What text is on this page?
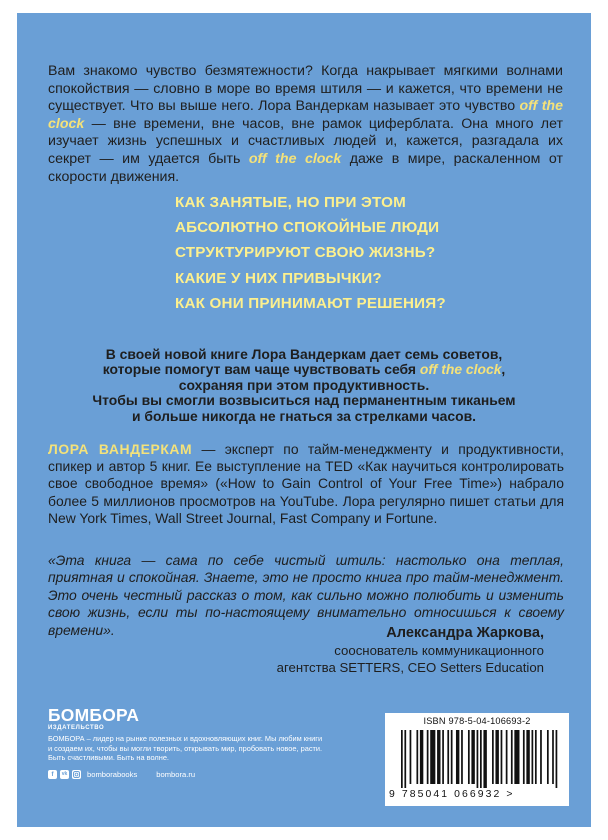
Вам знакомо чувство безмятежности? Когда накрывает мягкими волнами спокойствия — словно в море во время штиля — и кажется, что времени не существует. Что вы выше него. Лора Вандеркам называет это чувство off the clock — вне времени, вне часов, вне рамок циферблата. Она много лет изучает жизнь успешных и счастливых людей и, кажется, разгадала их секрет — им удается быть off the clock даже в мире, раскаленном от скорости движения.
КАК ЗАНЯТЫЕ, НО ПРИ ЭТОМ
АБСОЛЮТНО СПОКОЙНЫЕ ЛЮДИ
СТРУКТУРИРУЮТ СВОЮ ЖИЗНЬ?
КАКИЕ У НИХ ПРИВЫЧКИ?
КАК ОНИ ПРИНИМАЮТ РЕШЕНИЯ?
В своей новой книге Лора Вандеркам дает семь советов,
которые помогут вам чаще чувствовать себя off the clock,
сохраняя при этом продуктивность.
Чтобы вы смогли возвыситься над перманентным тиканьем
и больше никогда не гнаться за стрелками часов.
ЛОРА ВАНДЕРКАМ — эксперт по тайм-менеджменту и продуктивности, спикер и автор 5 книг. Ее выступление на TED «Как научиться контролировать свое свободное время» («How to Gain Control of Your Free Time») набрало более 5 миллионов просмотров на YouTube. Лора регулярно пишет статьи для New York Times, Wall Street Journal, Fast Company и Fortune.
«Эта книга — сама по себе чистый штиль: настолько она теплая, приятная и спокойная. Знаете, это не просто книга про тайм-менеджмент. Это очень честный рассказ о том, как сильно можно полюбить и изменить свою жизнь, если ты по-настоящему внимательно относишься к своему времени».	Александра Жаркова,
сооснователь коммуникационного
агентства SETTERS, CEO Setters Education
БОМБОРА
ИЗДАТЕЛЬСТВО
БОМБОРА – лидер на рынке полезных и вдохновляющих книг. Мы любим книги и создаем их, чтобы вы могли творить, открывать мир, пробовать новое, расти. Быть счастливыми. Быть на волне.
f	vk	bomborabooks	bombora.ru
ISBN 978-5-04-106693-2
9 785041 066932 >
